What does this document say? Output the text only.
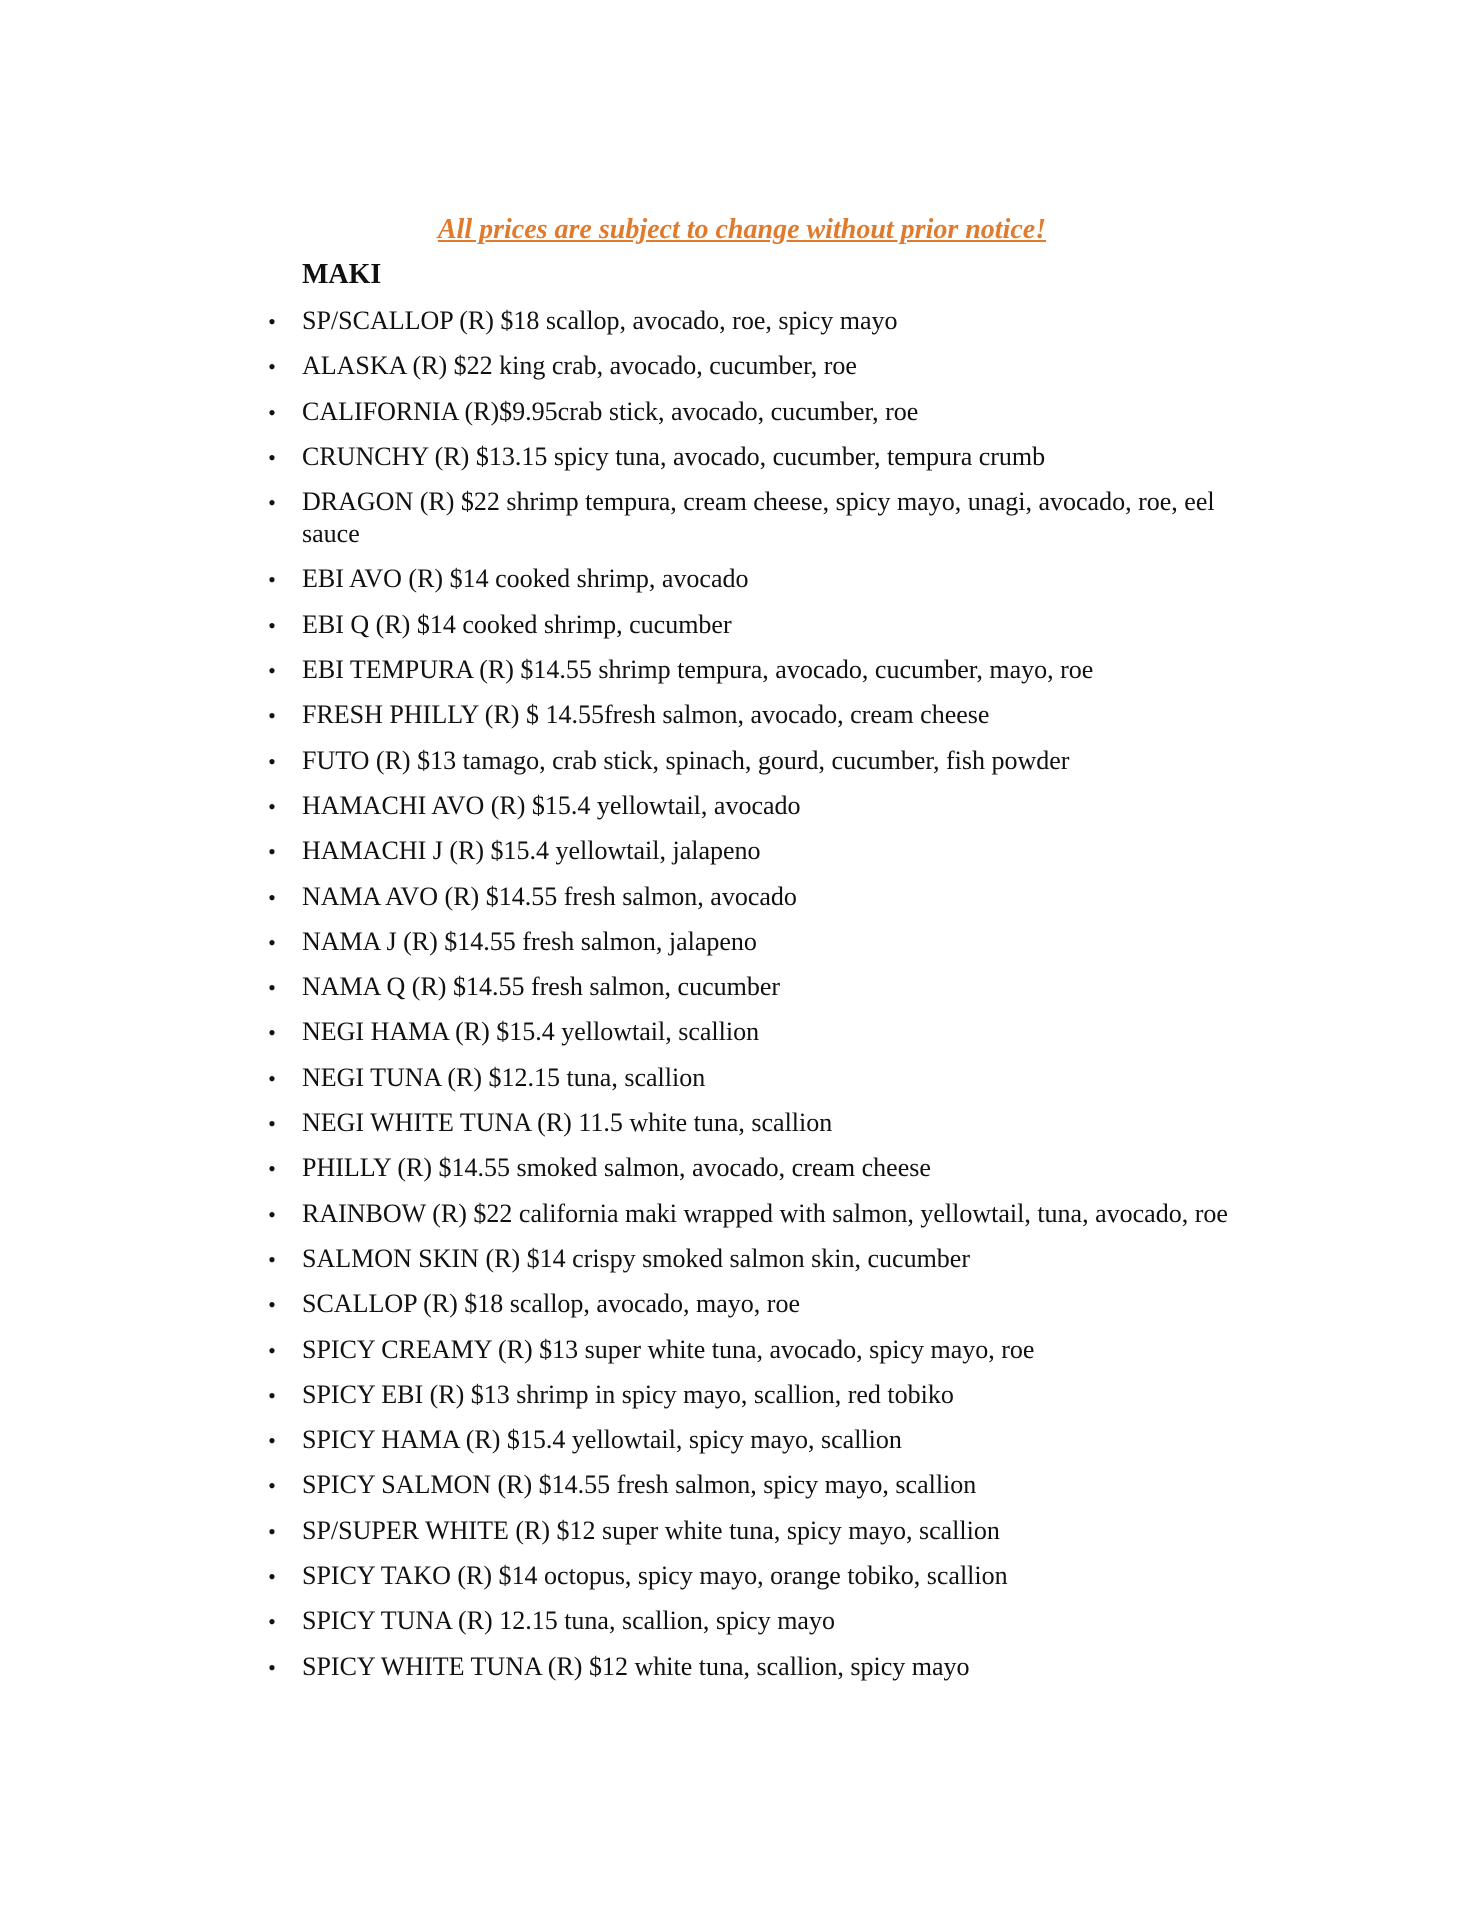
All prices are subject to change without prior notice!
MAKI
• SP/SCALLOP (R) $18 scallop, avocado, roe, spicy mayo
• ALASKA (R) $22 king crab, avocado, cucumber, roe
• CALIFORNIA (R)$9.95crab stick, avocado, cucumber, roe
• CRUNCHY (R) $13.15 spicy tuna, avocado, cucumber, tempura crumb
• DRAGON (R) $22 shrimp tempura, cream cheese, spicy mayo, unagi, avocado, roe, eel sauce
• EBI AVO (R) $14 cooked shrimp, avocado
• EBI Q (R) $14 cooked shrimp, cucumber
• EBI TEMPURA (R) $14.55 shrimp tempura, avocado, cucumber, mayo, roe
• FRESH PHILLY (R) $ 14.55fresh salmon, avocado, cream cheese
• FUTO (R) $13 tamago, crab stick, spinach, gourd, cucumber, fish powder
• HAMACHI AVO (R) $15.4 yellowtail, avocado
• HAMACHI J (R) $15.4 yellowtail, jalapeno
• NAMA AVO (R) $14.55 fresh salmon, avocado
• NAMA J (R) $14.55 fresh salmon, jalapeno
• NAMA Q (R) $14.55 fresh salmon, cucumber
• NEGI HAMA (R) $15.4 yellowtail, scallion
• NEGI TUNA (R) $12.15 tuna, scallion
• NEGI WHITE TUNA (R) 11.5 white tuna, scallion
• PHILLY (R) $14.55 smoked salmon, avocado, cream cheese
• RAINBOW (R) $22 california maki wrapped with salmon, yellowtail, tuna, avocado, roe
• SALMON SKIN (R) $14 crispy smoked salmon skin, cucumber
• SCALLOP (R) $18 scallop, avocado, mayo, roe
• SPICY CREAMY (R) $13 super white tuna, avocado, spicy mayo, roe
• SPICY EBI (R) $13 shrimp in spicy mayo, scallion, red tobiko
• SPICY HAMA (R) $15.4 yellowtail, spicy mayo, scallion
• SPICY SALMON (R) $14.55 fresh salmon, spicy mayo, scallion
• SP/SUPER WHITE (R) $12 super white tuna, spicy mayo, scallion
• SPICY TAKO (R) $14 octopus, spicy mayo, orange tobiko, scallion
• SPICY TUNA (R) 12.15 tuna, scallion, spicy mayo
• SPICY WHITE TUNA (R) $12 white tuna, scallion, spicy mayo
